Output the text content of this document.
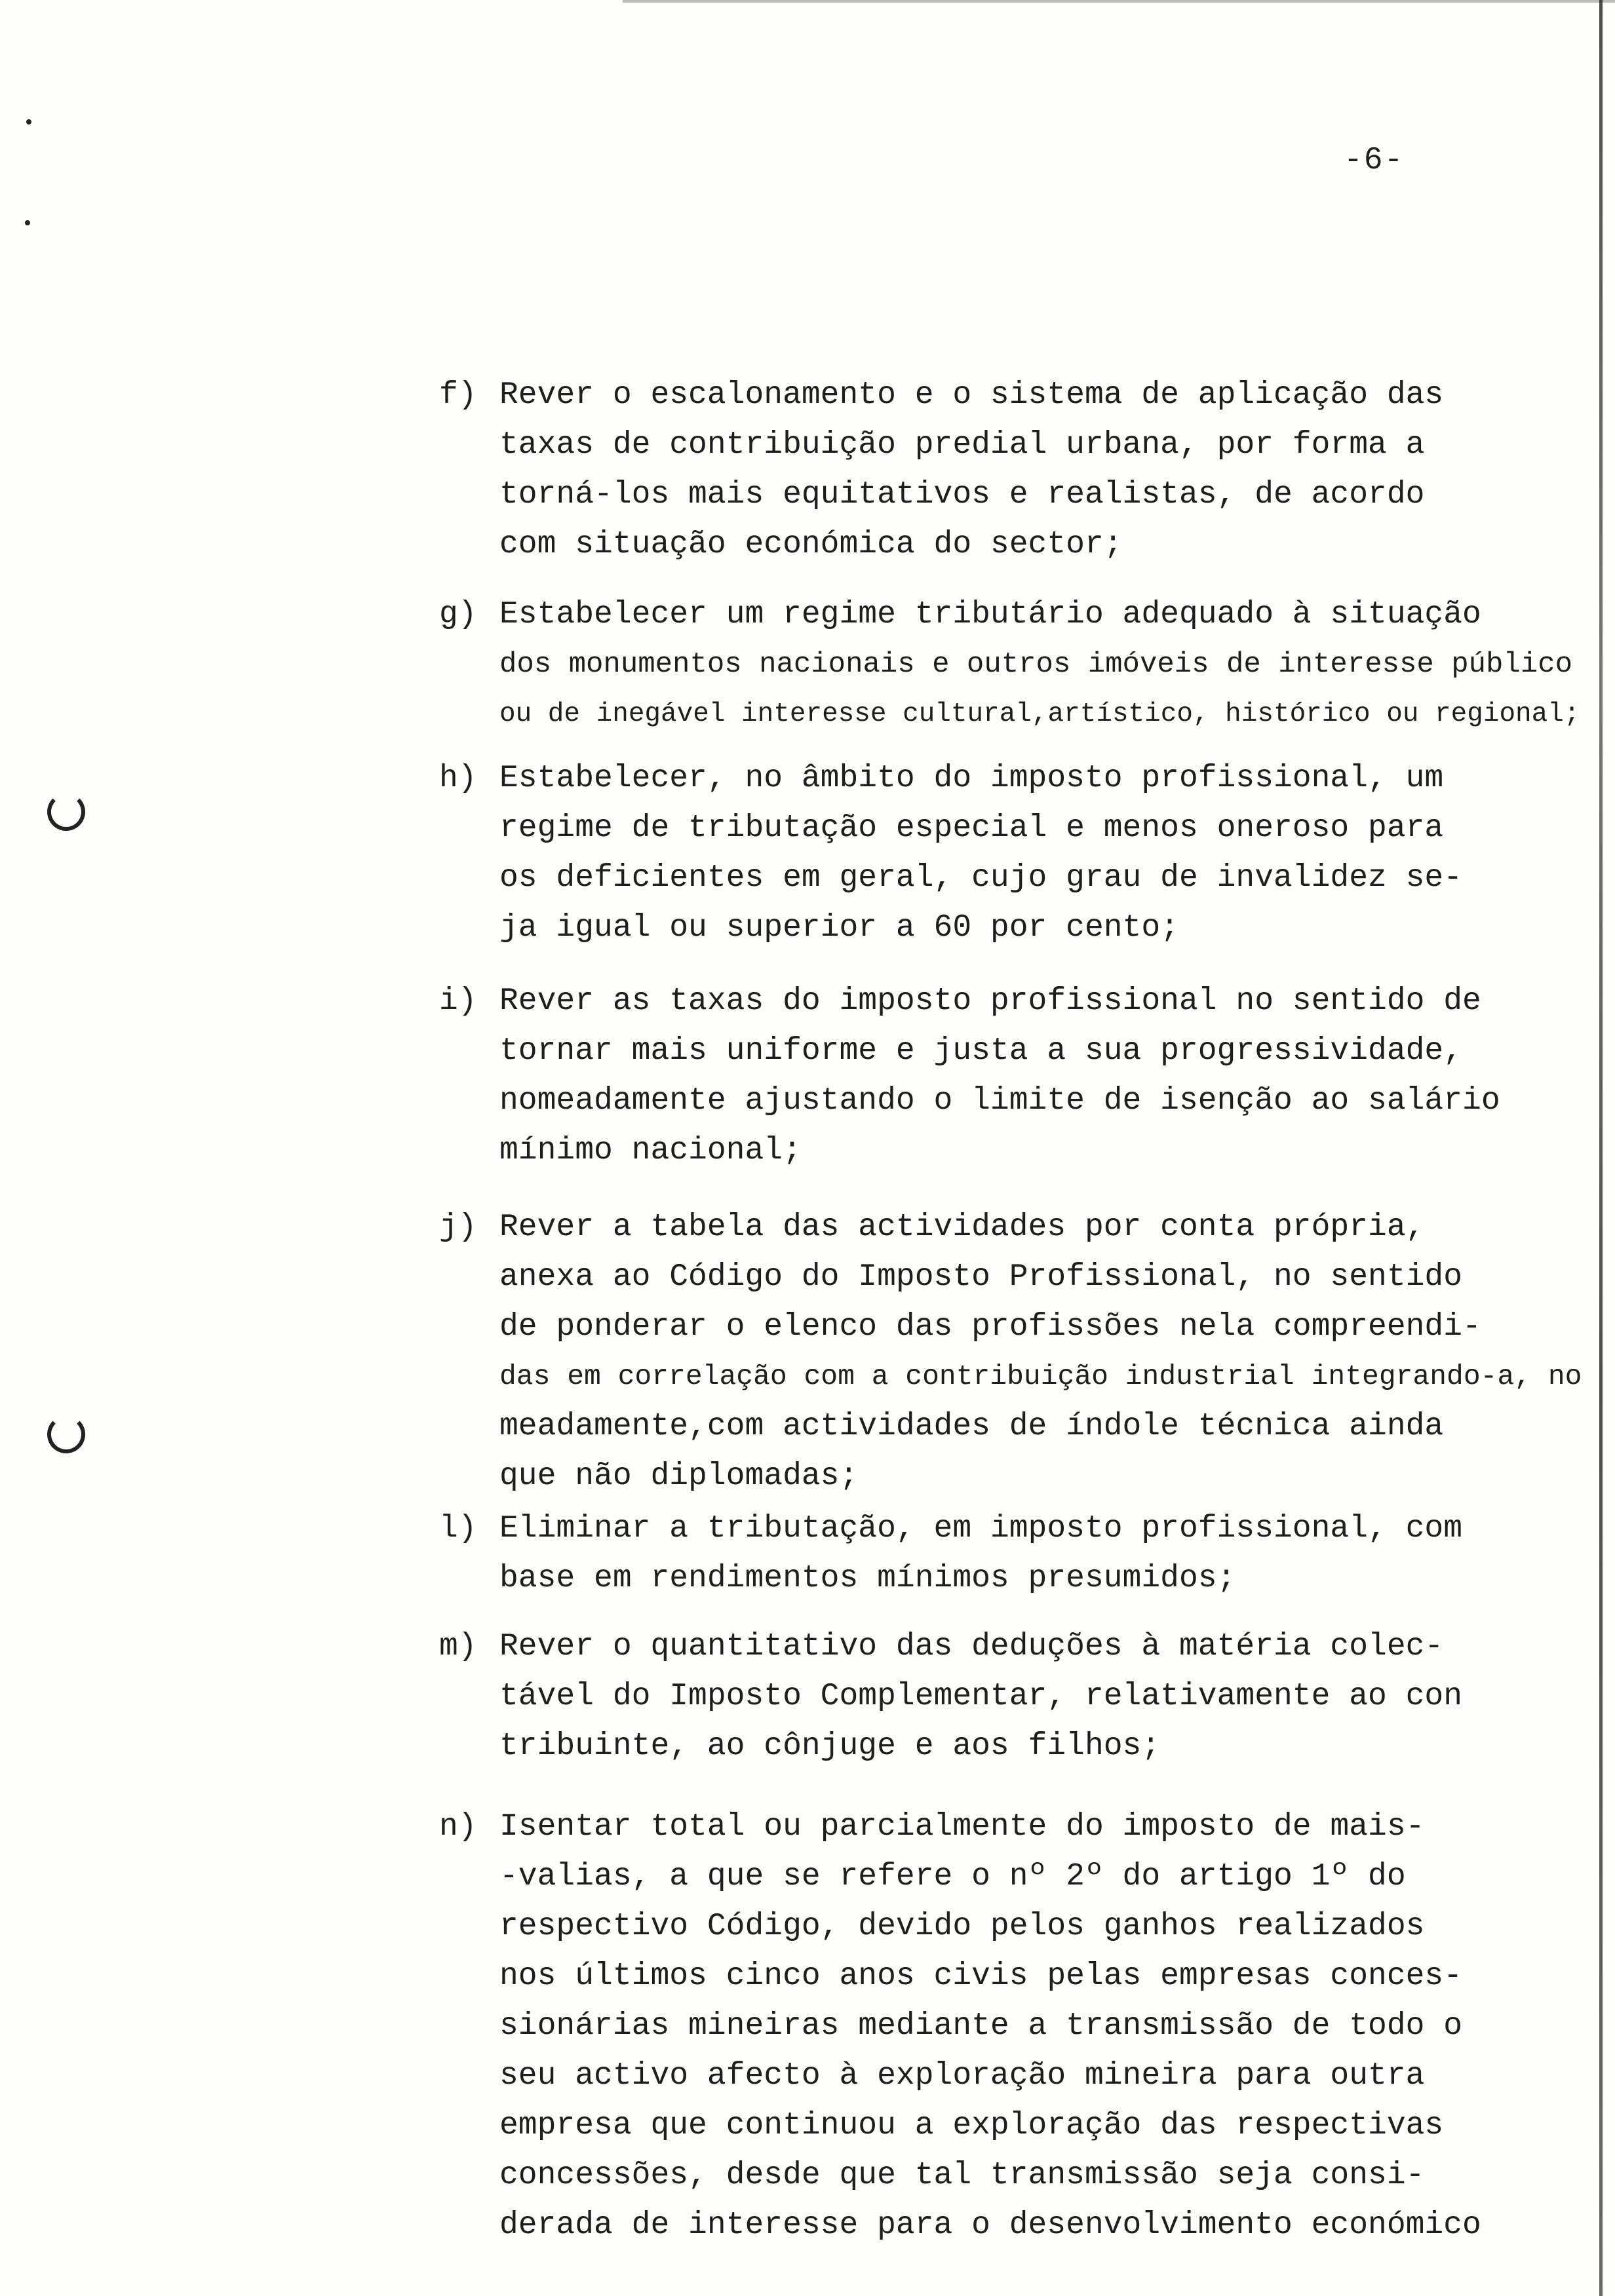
-6-
f) Rever o escalonamento e o sistema de aplicação das
taxas de contribuição predial urbana, por forma a
torná-los mais equitativos e realistas, de acordo
com situação económica do sector;
g) Estabelecer um regime tributário adequado à situação
dos monumentos nacionais e outros imóveis de interesse público
ou de inegável interesse cultural,artístico, histórico ou regional;
h) Estabelecer, no âmbito do imposto profissional, um
regime de tributação especial e menos oneroso para
os deficientes em geral, cujo grau de invalidez se-
ja igual ou superior a 60 por cento;
i) Rever as taxas do imposto profissional no sentido de
tornar mais uniforme e justa a sua progressividade,
nomeadamente ajustando o limite de isenção ao salário
mínimo nacional;
j) Rever a tabela das actividades por conta própria,
anexa ao Código do Imposto Profissional, no sentido
de ponderar o elenco das profissões nela compreendi-
das em correlação com a contribuição industrial integrando-a, no
meadamente,com actividades de índole técnica ainda
que não diplomadas;
l) Eliminar a tributação, em imposto profissional, com
base em rendimentos mínimos presumidos;
m) Rever o quantitativo das deduções à matéria colec-
tável do Imposto Complementar, relativamente ao con
tribuinte, ao cônjuge e aos filhos;
n) Isentar total ou parcialmente do imposto de mais-
-valias, a que se refere o nº 2º do artigo 1º do
respectivo Código, devido pelos ganhos realizados
nos últimos cinco anos civis pelas empresas conces-
sionárias mineiras mediante a transmissão de todo o
seu activo afecto à exploração mineira para outra
empresa que continuou a exploração das respectivas
concessões, desde que tal transmissão seja consi-
derada de interesse para o desenvolvimento económico
